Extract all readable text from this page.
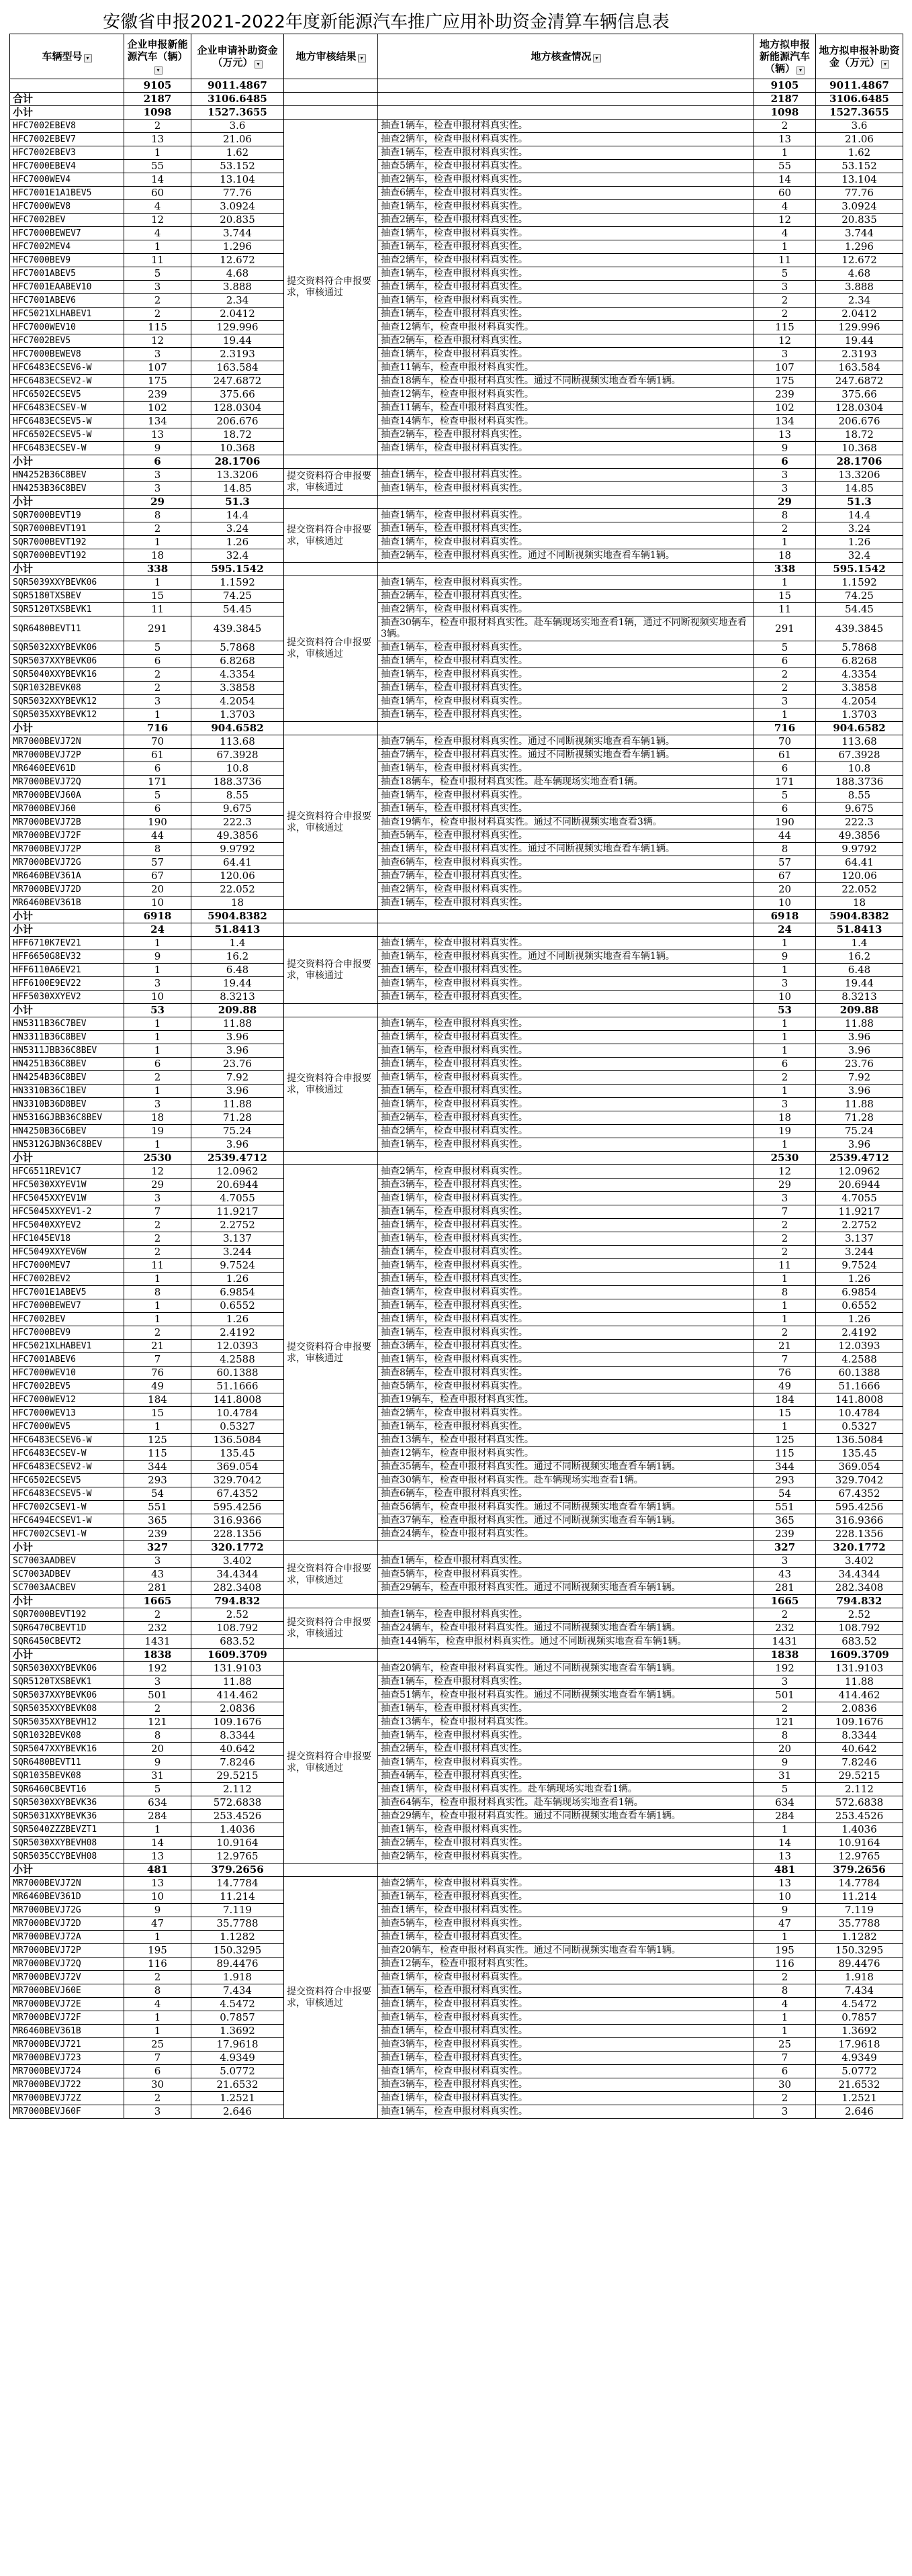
安徽省申报2021-2022年度新能源汽车推广应用补助资金清算车辆信息表
车辆型号 ▾	企业申报新能源汽车（辆）▾	企业申请补助资金（万元） ▾	地方审核结果 ▾	地方核查情况 ▾	地方拟申报新能源汽车（辆） ▾	地方拟申报补助资金（万元） ▾
	9105	9011.4867			9105	9011.4867
合计	2187	3106.6485			2187	3106.6485
小计	1098	1527.3655			1098	1527.3655
HFC7002EBEV8	2	3.6	提交资料符合申报要求，审核通过	抽查1辆车，检查申报材料真实性。	2	3.6
HFC7002EBEV7	13	21.06		抽查2辆车，检查申报材料真实性。	13	21.06
HFC7002EBEV3	1	1.62		抽查1辆车，检查申报材料真实性。	1	1.62
HFC7000EBEV4	55	53.152		抽查5辆车，检查申报材料真实性。	55	53.152
HFC7000WEV4	14	13.104		抽查2辆车，检查申报材料真实性。	14	13.104
HFC7001E1A1BEV5	60	77.76		抽查6辆车，检查申报材料真实性。	60	77.76
HFC7000WEV8	4	3.0924		抽查1辆车，检查申报材料真实性。	4	3.0924
HFC7002BEV	12	20.835		抽查2辆车，检查申报材料真实性。	12	20.835
HFC7000BEWEV7	4	3.744		抽查1辆车，检查申报材料真实性。	4	3.744
HFC7002MEV4	1	1.296		抽查1辆车，检查申报材料真实性。	1	1.296
HFC7000BEV9	11	12.672		抽查2辆车，检查申报材料真实性。	11	12.672
HFC7001ABEV5	5	4.68		抽查1辆车，检查申报材料真实性。	5	4.68
HFC7001EAABEV10	3	3.888		抽查1辆车，检查申报材料真实性。	3	3.888
HFC7001ABEV6	2	2.34		抽查1辆车，检查申报材料真实性。	2	2.34
HFC5021XLHABEV1	2	2.0412		抽查1辆车，检查申报材料真实性。	2	2.0412
HFC7000WEV10	115	129.996		抽查12辆车，检查申报材料真实性。	115	129.996
HFC7002BEV5	12	19.44		抽查2辆车，检查申报材料真实性。	12	19.44
HFC7000BEWEV8	3	2.3193		抽查1辆车，检查申报材料真实性。	3	2.3193
HFC6483ECSEV6-W	107	163.584		抽查11辆车，检查申报材料真实性。	107	163.584
HFC6483ECSEV2-W	175	247.6872		抽查18辆车，检查申报材料真实性。通过不同断视频实地查看车辆1辆。	175	247.6872
HFC6502ECSEV5	239	375.66		抽查12辆车，检查申报材料真实性。	239	375.66
HFC6483ECSEV-W	102	128.0304		抽查11辆车，检查申报材料真实性。	102	128.0304
HFC6483ECSEV5-W	134	206.676		抽查14辆车，检查申报材料真实性。	134	206.676
HFC6502ECSEV5-W	13	18.72		抽查2辆车，检查申报材料真实性。	13	18.72
HFC6483ECSEV-W	9	10.368		抽查1辆车，检查申报材料真实性。	9	10.368
小计	6	28.1706			6	28.1706
HN4252B36C8BEV	3	13.3206	提交资料符合申报要求，审核通过	抽查1辆车，检查申报材料真实性。	3	13.3206
HN4253B36C8BEV	3	14.85		抽查1辆车，检查申报材料真实性。	3	14.85
小计	29	51.3			29	51.3
SQR7000BEVT19	8	14.4	提交资料符合申报要求，审核通过	抽查1辆车，检查申报材料真实性。	8	14.4
SQR7000BEVT191	2	3.24		抽查1辆车，检查申报材料真实性。	2	3.24
SQR7000BEVT192	1	1.26		抽查1辆车，检查申报材料真实性。	1	1.26
SQR7000BEVT192	18	32.4		抽查2辆车，检查申报材料真实性。通过不同断视频实地查看车辆1辆。	18	32.4
小计	338	595.1542			338	595.1542
SQR5039XXYBEVK06	1	1.1592	提交资料符合申报要求，审核通过	抽查1辆车，检查申报材料真实性。	1	1.1592
SQR5180TXSBEV	15	74.25		抽查2辆车，检查申报材料真实性。	15	74.25
SQR5120TXSBEVK1	11	54.45		抽查2辆车，检查申报材料真实性。	11	54.45
SQR6480BEVT11	291	439.3845		抽查30辆车，检查申报材料真实性。赴车辆现场实地查看1辆，通过不同断视频实地查看3辆。	291	439.3845
SQR5032XXYBEVK06	5	5.7868		抽查1辆车，检查申报材料真实性。	5	5.7868
SQR5037XXYBEVK06	6	6.8268		抽查1辆车，检查申报材料真实性。	6	6.8268
SQR5040XXYBEVK16	2	4.3354		抽查1辆车，检查申报材料真实性。	2	4.3354
SQR1032BEVK08	2	3.3858		抽查1辆车，检查申报材料真实性。	2	3.3858
SQR5032XXYBEVK12	3	4.2054		抽查1辆车，检查申报材料真实性。	3	4.2054
SQR5035XXYBEVK12	1	1.3703		抽查1辆车，检查申报材料真实性。	1	1.3703
小计	716	904.6582			716	904.6582
MR7000BEVJ72N	70	113.68	提交资料符合申报要求，审核通过	抽查7辆车，检查申报材料真实性。通过不同断视频实地查看车辆1辆。	70	113.68
MR7000BEVJ72P	61	67.3928		抽查7辆车，检查申报材料真实性。通过不同断视频实地查看车辆1辆。	61	67.3928
MR6460EEV61D	6	10.8		抽查1辆车，检查申报材料真实性。	6	10.8
MR7000BEVJ72Q	171	188.3736		抽查18辆车，检查申报材料真实性。赴车辆现场实地查看1辆。	171	188.3736
MR7000BEVJ60A	5	8.55		抽查1辆车，检查申报材料真实性。	5	8.55
MR7000BEVJ60	6	9.675		抽查1辆车，检查申报材料真实性。	6	9.675
MR7000BEVJ72B	190	222.3		抽查19辆车，检查申报材料真实性。通过不同断视频实地查看3辆。	190	222.3
MR7000BEVJ72F	44	49.3856		抽查5辆车，检查申报材料真实性。	44	49.3856
MR7000BEVJ72P	8	9.9792		抽查1辆车，检查申报材料真实性。通过不同断视频实地查看车辆1辆。	8	9.9792
MR7000BEVJ72G	57	64.41		抽查6辆车，检查申报材料真实性。	57	64.41
MR6460BEV361A	67	120.06		抽查7辆车，检查申报材料真实性。	67	120.06
MR7000BEVJ72D	20	22.052		抽查2辆车，检查申报材料真实性。	20	22.052
MR6460BEV361B	10	18		抽查1辆车，检查申报材料真实性。	10	18
小计	6918	5904.8382			6918	5904.8382
小计	24	51.8413			24	51.8413
HFF6710K7EV21	1	1.4	提交资料符合申报要求，审核通过	抽查1辆车，检查申报材料真实性。	1	1.4
HFF6650G8EV32	9	16.2		抽查1辆车，检查申报材料真实性。通过不同断视频实地查看车辆1辆。	9	16.2
HFF6110A6EV21	1	6.48		抽查1辆车，检查申报材料真实性。	1	6.48
HFF6100E9EV22	3	19.44		抽查1辆车，检查申报材料真实性。	3	19.44
HFF5030XXYEV2	10	8.3213		抽查1辆车，检查申报材料真实性。	10	8.3213
小计	53	209.88			53	209.88
HN5311B36C7BEV	1	11.88	提交资料符合申报要求，审核通过	抽查1辆车，检查申报材料真实性。	1	11.88
HN3311B36C8BEV	1	3.96		抽查1辆车，检查申报材料真实性。	1	3.96
HN5311JBB36C8BEV	1	3.96		抽查1辆车，检查申报材料真实性。	1	3.96
HN4251B36C8BEV	6	23.76		抽查1辆车，检查申报材料真实性。	6	23.76
HN4254B36C8BEV	2	7.92		抽查1辆车，检查申报材料真实性。	2	7.92
HN3310B36C1BEV	1	3.96		抽查1辆车，检查申报材料真实性。	1	3.96
HN3310B36D8BEV	3	11.88		抽查1辆车，检查申报材料真实性。	3	11.88
HN5316GJBB36C8BEV	18	71.28		抽查2辆车，检查申报材料真实性。	18	71.28
HN4250B36C6BEV	19	75.24		抽查2辆车，检查申报材料真实性。	19	75.24
HN5312GJBN36C8BEV	1	3.96		抽查1辆车，检查申报材料真实性。	1	3.96
小计	2530	2539.4712			2530	2539.4712
HFC6511REV1C7	12	12.0962	提交资料符合申报要求，审核通过	抽查2辆车，检查申报材料真实性。	12	12.0962
HFC5030XXYEV1W	29	20.6944		抽查3辆车，检查申报材料真实性。	29	20.6944
HFC5045XXYEV1W	3	4.7055		抽查1辆车，检查申报材料真实性。	3	4.7055
HFC5045XXYEV1-2	7	11.9217		抽查1辆车，检查申报材料真实性。	7	11.9217
HFC5040XXYEV2	2	2.2752		抽查1辆车，检查申报材料真实性。	2	2.2752
HFC1045EV18	2	3.137		抽查1辆车，检查申报材料真实性。	2	3.137
HFC5049XXYEV6W	2	3.244		抽查1辆车，检查申报材料真实性。	2	3.244
HFC7000MEV7	11	9.7524		抽查1辆车，检查申报材料真实性。	11	9.7524
HFC7002BEV2	1	1.26		抽查1辆车，检查申报材料真实性。	1	1.26
HFC7001E1ABEV5	8	6.9854		抽查1辆车，检查申报材料真实性。	8	6.9854
HFC7000BEWEV7	1	0.6552		抽查1辆车，检查申报材料真实性。	1	0.6552
HFC7002BEV	1	1.26		抽查1辆车，检查申报材料真实性。	1	1.26
HFC7000BEV9	2	2.4192		抽查1辆车，检查申报材料真实性。	2	2.4192
HFC5021XLHABEV1	21	12.0393		抽查3辆车，检查申报材料真实性。	21	12.0393
HFC7001ABEV6	7	4.2588		抽查1辆车，检查申报材料真实性。	7	4.2588
HFC7000WEV10	76	60.1388		抽查8辆车，检查申报材料真实性。	76	60.1388
HFC7002BEV5	49	51.1666		抽查5辆车，检查申报材料真实性。	49	51.1666
HFC7000WEV12	184	141.8008		抽查19辆车，检查申报材料真实性。	184	141.8008
HFC7000WEV13	15	10.4784		抽查2辆车，检查申报材料真实性。	15	10.4784
HFC7000WEV5	1	0.5327		抽查1辆车，检查申报材料真实性。	1	0.5327
HFC6483ECSEV6-W	125	136.5084		抽查13辆车，检查申报材料真实性。	125	136.5084
HFC6483ECSEV-W	115	135.45		抽查12辆车，检查申报材料真实性。	115	135.45
HFC6483ECSEV2-W	344	369.054		抽查35辆车，检查申报材料真实性。通过不同断视频实地查看车辆1辆。	344	369.054
HFC6502ECSEV5	293	329.7042		抽查30辆车，检查申报材料真实性。赴车辆现场实地查看1辆。	293	329.7042
HFC6483ECSEV5-W	54	67.4352		抽查6辆车，检查申报材料真实性。	54	67.4352
HFC7002CSEV1-W	551	595.4256		抽查56辆车，检查申报材料真实性。通过不同断视频实地查看车辆1辆。	551	595.4256
HFC6494ECSEV1-W	365	316.9366		抽查37辆车，检查申报材料真实性。通过不同断视频实地查看车辆1辆。	365	316.9366
HFC7002CSEV1-W	239	228.1356		抽查24辆车，检查申报材料真实性。	239	228.1356
小计	327	320.1772			327	320.1772
SC7003AADBEV	3	3.402	提交资料符合申报要求，审核通过	抽查1辆车，检查申报材料真实性。	3	3.402
SC7003ADBEV	43	34.4344		抽查5辆车，检查申报材料真实性。	43	34.4344
SC7003AACBEV	281	282.3408		抽查29辆车，检查申报材料真实性。通过不同断视频实地查看车辆1辆。	281	282.3408
小计	1665	794.832			1665	794.832
SQR7000BEVT192	2	2.52	提交资料符合申报要求，审核通过	抽查1辆车，检查申报材料真实性。	2	2.52
SQR6470CBEVT1D	232	108.792		抽查24辆车，检查申报材料真实性。通过不同断视频实地查看车辆1辆。	232	108.792
SQR6450CBEVT2	1431	683.52		抽查144辆车，检查申报材料真实性。通过不同断视频实地查看车辆1辆。	1431	683.52
小计	1838	1609.3709			1838	1609.3709
SQR5030XXYBEVK06	192	131.9103	提交资料符合申报要求，审核通过	抽查20辆车，检查申报材料真实性。通过不同断视频实地查看车辆1辆。	192	131.9103
SQR5120TXSBEVK1	3	11.88		抽查1辆车，检查申报材料真实性。	3	11.88
SQR5037XXYBEVK06	501	414.462		抽查51辆车，检查申报材料真实性。通过不同断视频实地查看车辆1辆。	501	414.462
SQR5035XXYBEVK08	2	2.0836		抽查1辆车，检查申报材料真实性。	2	2.0836
SQR5035XXYBEVH12	121	109.1676		抽查13辆车，检查申报材料真实性。	121	109.1676
SQR1032BEVK08	8	8.3344		抽查1辆车，检查申报材料真实性。	8	8.3344
SQR5047XXYBEVK16	20	40.642		抽查2辆车，检查申报材料真实性。	20	40.642
SQR6480BEVT11	9	7.8246		抽查1辆车，检查申报材料真实性。	9	7.8246
SQR1035BEVK08	31	29.5215		抽查4辆车，检查申报材料真实性。	31	29.5215
SQR6460CBEVT16	5	2.112		抽查1辆车，检查申报材料真实性。赴车辆现场实地查看1辆。	5	2.112
SQR5030XXYBEVK36	634	572.6838		抽查64辆车，检查申报材料真实性。赴车辆现场实地查看1辆。	634	572.6838
SQR5031XXYBEVK36	284	253.4526		抽查29辆车，检查申报材料真实性。通过不同断视频实地查看车辆1辆。	284	253.4526
SQR5040ZZZBEVZT1	1	1.4036		抽查1辆车，检查申报材料真实性。	1	1.4036
SQR5030XXYBEVH08	14	10.9164		抽查2辆车，检查申报材料真实性。	14	10.9164
SQR5035CCYBEVH08	13	12.9765		抽查2辆车，检查申报材料真实性。	13	12.9765
小计	481	379.2656			481	379.2656
MR7000BEVJ72N	13	14.7784	提交资料符合申报要求，审核通过	抽查2辆车，检查申报材料真实性。	13	14.7784
MR6460BEV361D	10	11.214		抽查1辆车，检查申报材料真实性。	10	11.214
MR7000BEVJ72G	9	7.119		抽查1辆车，检查申报材料真实性。	9	7.119
MR7000BEVJ72D	47	35.7788		抽查5辆车，检查申报材料真实性。	47	35.7788
MR7000BEVJ72A	1	1.1282		抽查1辆车，检查申报材料真实性。	1	1.1282
MR7000BEVJ72P	195	150.3295		抽查20辆车，检查申报材料真实性。通过不同断视频实地查看车辆1辆。	195	150.3295
MR7000BEVJ72Q	116	89.4476		抽查12辆车，检查申报材料真实性。	116	89.4476
MR7000BEVJ72V	2	1.918		抽查1辆车，检查申报材料真实性。	2	1.918
MR7000BEVJ60E	8	7.434		抽查1辆车，检查申报材料真实性。	8	7.434
MR7000BEVJ72E	4	4.5472		抽查1辆车，检查申报材料真实性。	4	4.5472
MR7000BEVJ72F	1	0.7857		抽查1辆车，检查申报材料真实性。	1	0.7857
MR6460BEV361B	1	1.3692		抽查1辆车，检查申报材料真实性。	1	1.3692
MR7000BEVJ721	25	17.9618		抽查3辆车，检查申报材料真实性。	25	17.9618
MR7000BEVJ723	7	4.9349		抽查1辆车，检查申报材料真实性。	7	4.9349
MR7000BEVJ724	6	5.0772		抽查1辆车，检查申报材料真实性。	6	5.0772
MR7000BEVJ722	30	21.6532		抽查3辆车，检查申报材料真实性。	30	21.6532
MR7000BEVJ72Z	2	1.2521		抽查1辆车，检查申报材料真实性。	2	1.2521
MR7000BEVJ60F	3	2.646		抽查1辆车，检查申报材料真实性。	3	2.646
